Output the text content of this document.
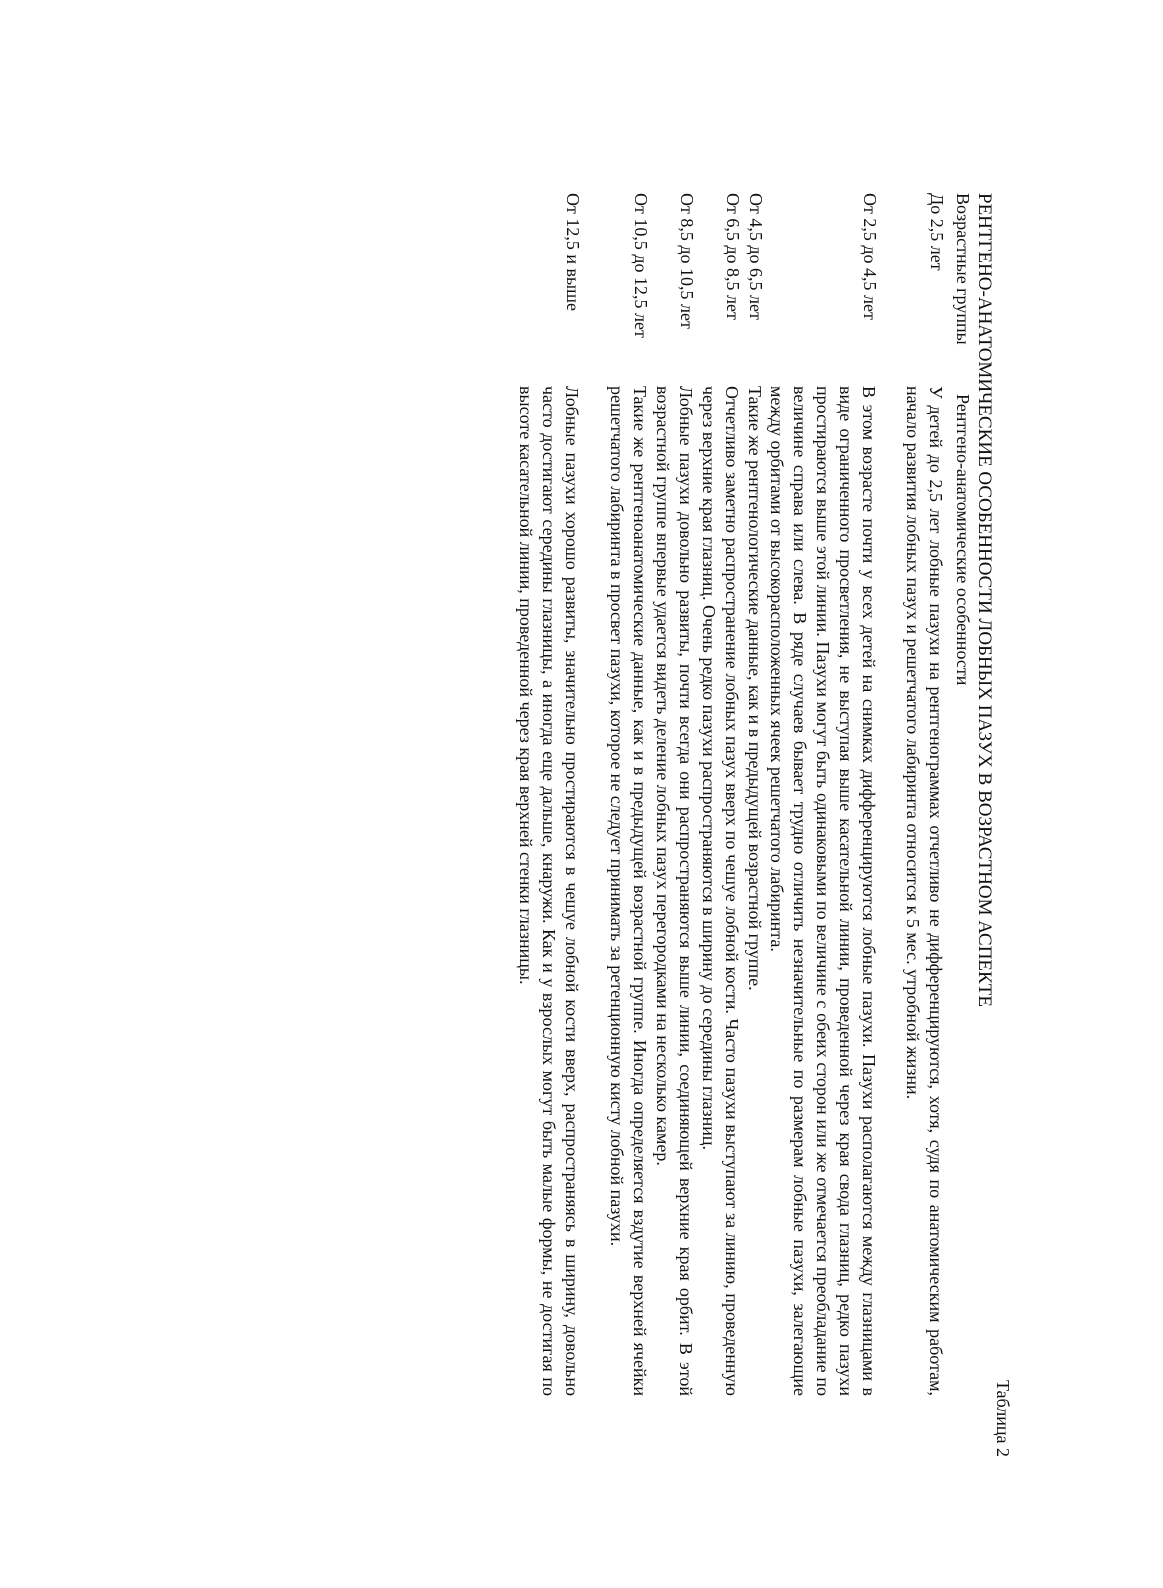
Таблица 2
РЕНТГЕНО-АНАТОМИЧЕСКИЕ ОСОБЕННОСТИ ЛОБНЫХ ПАЗУХ В ВОЗРАСТНОМ АСПЕКТЕ
Возрастные группы
Рентгено-анатомические особенности
До 2,5 лет
У детей до 2,5 лет лобные пазухи на рентгенограммах отчетливо не дифференцируются, хотя, судя по анатомическим работам, начало развития лобных пазух и решетчатого лабиринта относится к 5 мес. утробной жизни.
От 2,5 до 4,5 лет
В этом возрасте почти у всех детей на снимках дифференцируются лобные пазухи. Пазухи располагаются между глазницами в виде ограниченного просветления, не выступая выше касательной линии, проведенной через края свода глазниц, редко пазухи простираются выше этой линии. Пазухи могут быть одинаковыми по величине с обеих сторон или же отмечается преобладание по величине справа или слева. В ряде случаев бывает трудно отличить незначительные по размерам лобные пазухи, залегающие между орбитами от высокорасположенных ячеек решетчатого лабиринта.
От 4,5 до 6,5 лет
Такие же рентгенологические данные, как и в предыдущей возрастной группе.
От 6,5 до 8,5 лет
Отчетливо заметно распространение лобных пазух вверх по чешуе лобной кости. Часто пазухи выступают за линию, проведенную через верхние края глазниц. Очень редко пазухи распространяются в ширину до середины глазниц.
От 8,5 до 10,5 лет
Лобные пазухи довольно развиты, почти всегда они распространяются выше линии, соединяющей верхние края орбит. В этой возрастной группе впервые удается видеть деление лобных пазух перегородками на несколько камер.
От 10,5 до 12,5 лет
Такие же рентгеноанатомические данные, как и в предыдущей возрастной группе. Иногда определяется вздутие верхней ячейки решетчатого лабиринта в просвет пазухи, которое не следует принимать за ретенционную кисту лобной пазухи.
От 12,5 и выше
Лобные пазухи хорошо развиты, значительно простираются в чешуе лобной кости вверх, распространяясь в ширину, довольно часто достигают середины глазницы, а иногда еще дальше, кнаружи. Как и у взрослых могут быть малые формы, не достигая по высоте касательной линии, проведенной через края верхней стенки глазницы.
